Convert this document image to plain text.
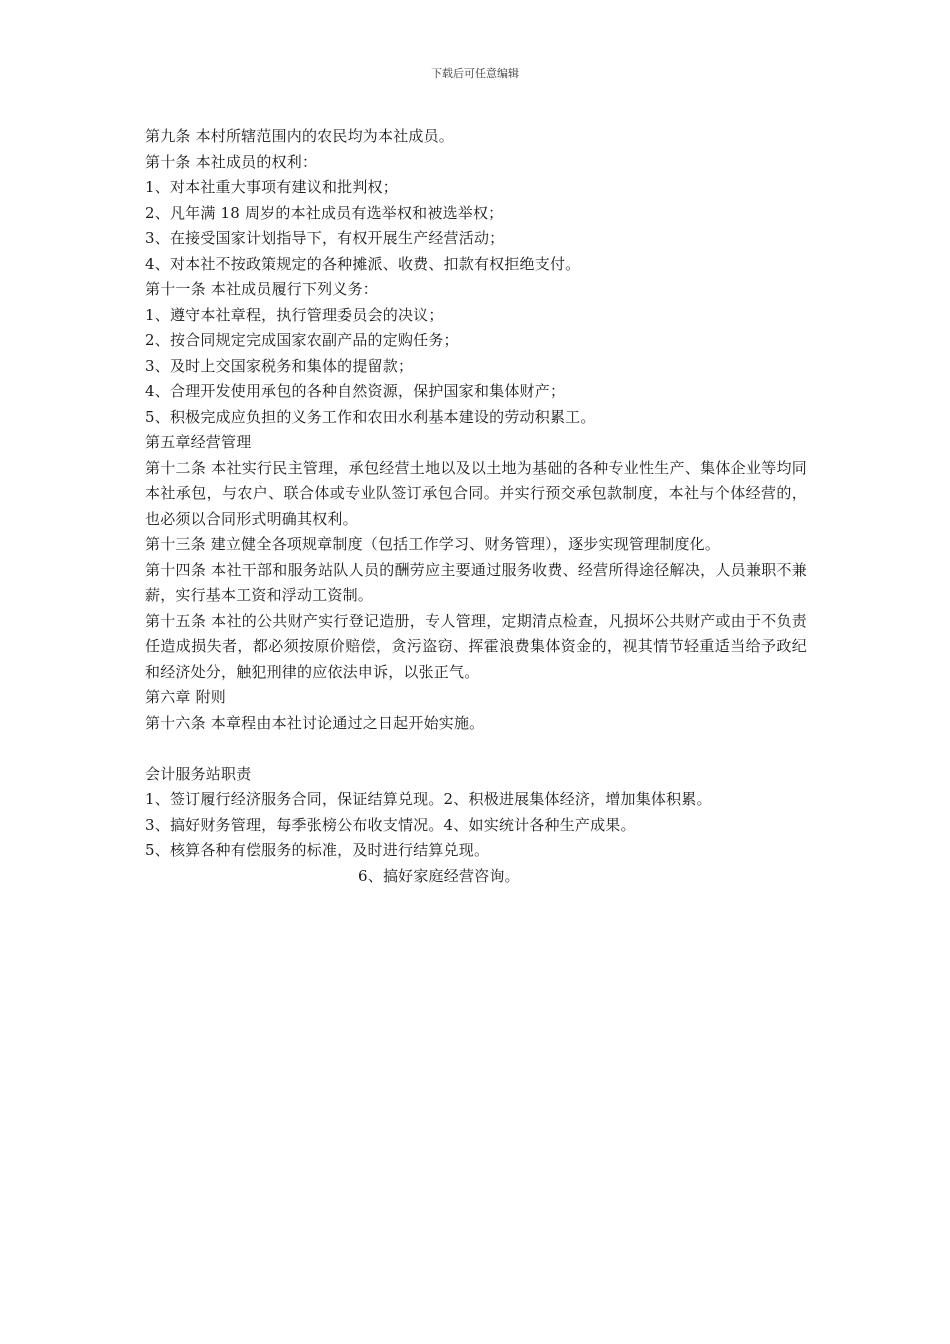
下载后可任意编辑
第九条 本村所辖范围内的农民均为本社成员。
第十条 本社成员的权利：
1、对本社重大事项有建议和批判权；
2、凡年满 18 周岁的本社成员有选举权和被选举权；
3、在接受国家计划指导下，有权开展生产经营活动；
4、对本社不按政策规定的各种摊派、收费、扣款有权拒绝支付。
第十一条 本社成员履行下列义务：
1、遵守本社章程，执行管理委员会的决议；
2、按合同规定完成国家农副产品的定购任务；
3、及时上交国家税务和集体的提留款；
4、合理开发使用承包的各种自然资源，保护国家和集体财产；
5、积极完成应负担的义务工作和农田水利基本建设的劳动积累工。
第五章经营管理
第十二条 本社实行民主管理，承包经营土地以及以土地为基础的各种专业性生产、集体企业等均同本社承包，与农户、联合体或专业队签订承包合同。并实行预交承包款制度，本社与个体经营的，也必须以合同形式明确其权利。
第十三条 建立健全各项规章制度（包括工作学习、财务管理），逐步实现管理制度化。
第十四条 本社干部和服务站队人员的酬劳应主要通过服务收费、经营所得途径解决，人员兼职不兼薪，实行基本工资和浮动工资制。
第十五条 本社的公共财产实行登记造册，专人管理，定期清点检查，凡损坏公共财产或由于不负责任造成损失者，都必须按原价赔偿，贪污盗窃、挥霍浪费集体资金的，视其情节轻重适当给予政纪和经济处分，触犯刑律的应依法申诉，以张正气。
第六章 附则
第十六条 本章程由本社讨论通过之日起开始实施。
会计服务站职责
1、签订履行经济服务合同，保证结算兑现。2、积极进展集体经济，增加集体积累。
3、搞好财务管理，每季张榜公布收支情况。4、如实统计各种生产成果。
5、核算各种有偿服务的标准，及时进行结算兑现。
6、搞好家庭经营咨询。
